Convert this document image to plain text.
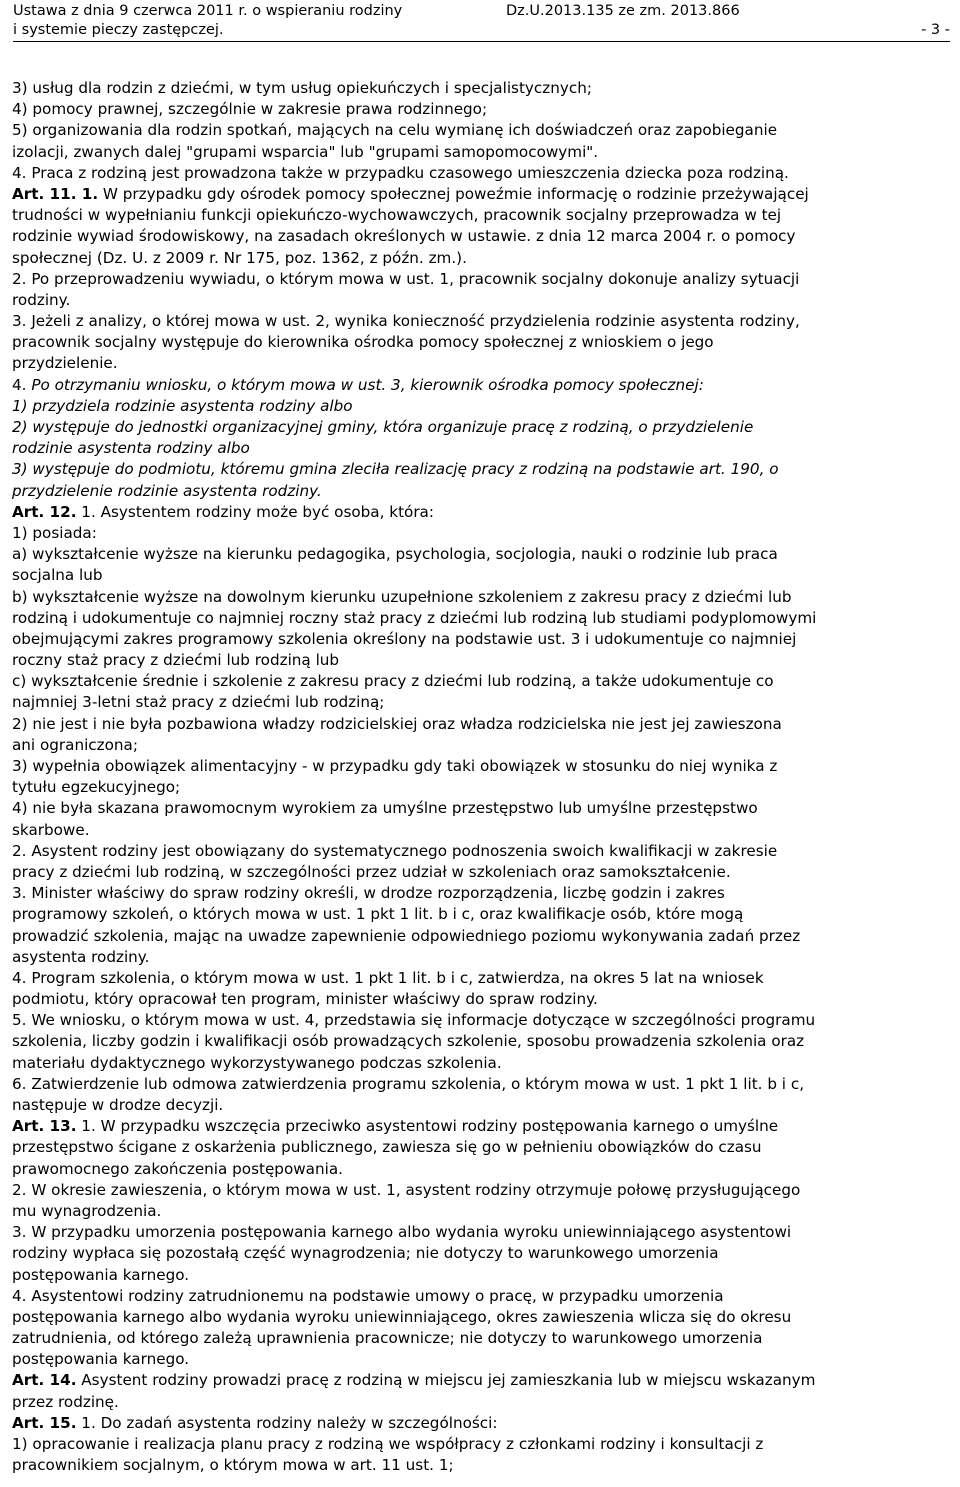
Ustawa z dnia 9 czerwca 2011 r. o wspieraniu rodziny
i systemie pieczy zastępczej.
Dz.U.2013.135 ze zm. 2013.866
- 3 -
3) usług dla rodzin z dziećmi, w tym usług opiekuńczych i specjalistycznych;
4) pomocy prawnej, szczególnie w zakresie prawa rodzinnego;
5) organizowania dla rodzin spotkań, mających na celu wymianę ich doświadczeń oraz zapobieganie
izolacji, zwanych dalej "grupami wsparcia" lub "grupami samopomocowymi".
4. Praca z rodziną jest prowadzona także w przypadku czasowego umieszczenia dziecka poza rodziną.
Art. 11. 1. W przypadku gdy ośrodek pomocy społecznej poweźmie informację o rodzinie przeżywającej
trudności w wypełnianiu funkcji opiekuńczo-wychowawczych, pracownik socjalny przeprowadza w tej
rodzinie wywiad środowiskowy, na zasadach określonych w ustawie. z dnia 12 marca 2004 r. o pomocy
społecznej (Dz. U. z 2009 r. Nr 175, poz. 1362, z późn. zm.).
2. Po przeprowadzeniu wywiadu, o którym mowa w ust. 1, pracownik socjalny dokonuje analizy sytuacji
rodziny.
3. Jeżeli z analizy, o której mowa w ust. 2, wynika konieczność przydzielenia rodzinie asystenta rodziny,
pracownik socjalny występuje do kierownika ośrodka pomocy społecznej z wnioskiem o jego
przydzielenie.
4. Po otrzymaniu wniosku, o którym mowa w ust. 3, kierownik ośrodka pomocy społecznej:
1) przydziela rodzinie asystenta rodziny albo
2) występuje do jednostki organizacyjnej gminy, która organizuje pracę z rodziną, o przydzielenie
rodzinie asystenta rodziny albo
3) występuje do podmiotu, któremu gmina zleciła realizację pracy z rodziną na podstawie art. 190, o
przydzielenie rodzinie asystenta rodziny.
Art. 12. 1. Asystentem rodziny może być osoba, która:
1) posiada:
a) wykształcenie wyższe na kierunku pedagogika, psychologia, socjologia, nauki o rodzinie lub praca
socjalna lub
b) wykształcenie wyższe na dowolnym kierunku uzupełnione szkoleniem z zakresu pracy z dziećmi lub
rodziną i udokumentuje co najmniej roczny staż pracy z dziećmi lub rodziną lub studiami podyplomowymi
obejmującymi zakres programowy szkolenia określony na podstawie ust. 3 i udokumentuje co najmniej
roczny staż pracy z dziećmi lub rodziną lub
c) wykształcenie średnie i szkolenie z zakresu pracy z dziećmi lub rodziną, a także udokumentuje co
najmniej 3-letni staż pracy z dziećmi lub rodziną;
2) nie jest i nie była pozbawiona władzy rodzicielskiej oraz władza rodzicielska nie jest jej zawieszona
ani ograniczona;
3) wypełnia obowiązek alimentacyjny - w przypadku gdy taki obowiązek w stosunku do niej wynika z
tytułu egzekucyjnego;
4) nie była skazana prawomocnym wyrokiem za umyślne przestępstwo lub umyślne przestępstwo
skarbowe.
2. Asystent rodziny jest obowiązany do systematycznego podnoszenia swoich kwalifikacji w zakresie
pracy z dziećmi lub rodziną, w szczególności przez udział w szkoleniach oraz samokształcenie.
3. Minister właściwy do spraw rodziny określi, w drodze rozporządzenia, liczbę godzin i zakres
programowy szkoleń, o których mowa w ust. 1 pkt 1 lit. b i c, oraz kwalifikacje osób, które mogą
prowadzić szkolenia, mając na uwadze zapewnienie odpowiedniego poziomu wykonywania zadań przez
asystenta rodziny.
4. Program szkolenia, o którym mowa w ust. 1 pkt 1 lit. b i c, zatwierdza, na okres 5 lat na wniosek
podmiotu, który opracował ten program, minister właściwy do spraw rodziny.
5. We wniosku, o którym mowa w ust. 4, przedstawia się informacje dotyczące w szczególności programu
szkolenia, liczby godzin i kwalifikacji osób prowadzących szkolenie, sposobu prowadzenia szkolenia oraz
materiału dydaktycznego wykorzystywanego podczas szkolenia.
6. Zatwierdzenie lub odmowa zatwierdzenia programu szkolenia, o którym mowa w ust. 1 pkt 1 lit. b i c,
następuje w drodze decyzji.
Art. 13. 1. W przypadku wszczęcia przeciwko asystentowi rodziny postępowania karnego o umyślne
przestępstwo ścigane z oskarżenia publicznego, zawiesza się go w pełnieniu obowiązków do czasu
prawomocnego zakończenia postępowania.
2. W okresie zawieszenia, o którym mowa w ust. 1, asystent rodziny otrzymuje połowę przysługującego
mu wynagrodzenia.
3. W przypadku umorzenia postępowania karnego albo wydania wyroku uniewinniającego asystentowi
rodziny wypłaca się pozostałą część wynagrodzenia; nie dotyczy to warunkowego umorzenia
postępowania karnego.
4. Asystentowi rodziny zatrudnionemu na podstawie umowy o pracę, w przypadku umorzenia
postępowania karnego albo wydania wyroku uniewinniającego, okres zawieszenia wlicza się do okresu
zatrudnienia, od którego zależą uprawnienia pracownicze; nie dotyczy to warunkowego umorzenia
postępowania karnego.
Art. 14. Asystent rodziny prowadzi pracę z rodziną w miejscu jej zamieszkania lub w miejscu wskazanym
przez rodzinę.
Art. 15. 1. Do zadań asystenta rodziny należy w szczególności:
1) opracowanie i realizacja planu pracy z rodziną we współpracy z członkami rodziny i konsultacji z
pracownikiem socjalnym, o którym mowa w art. 11 ust. 1;
